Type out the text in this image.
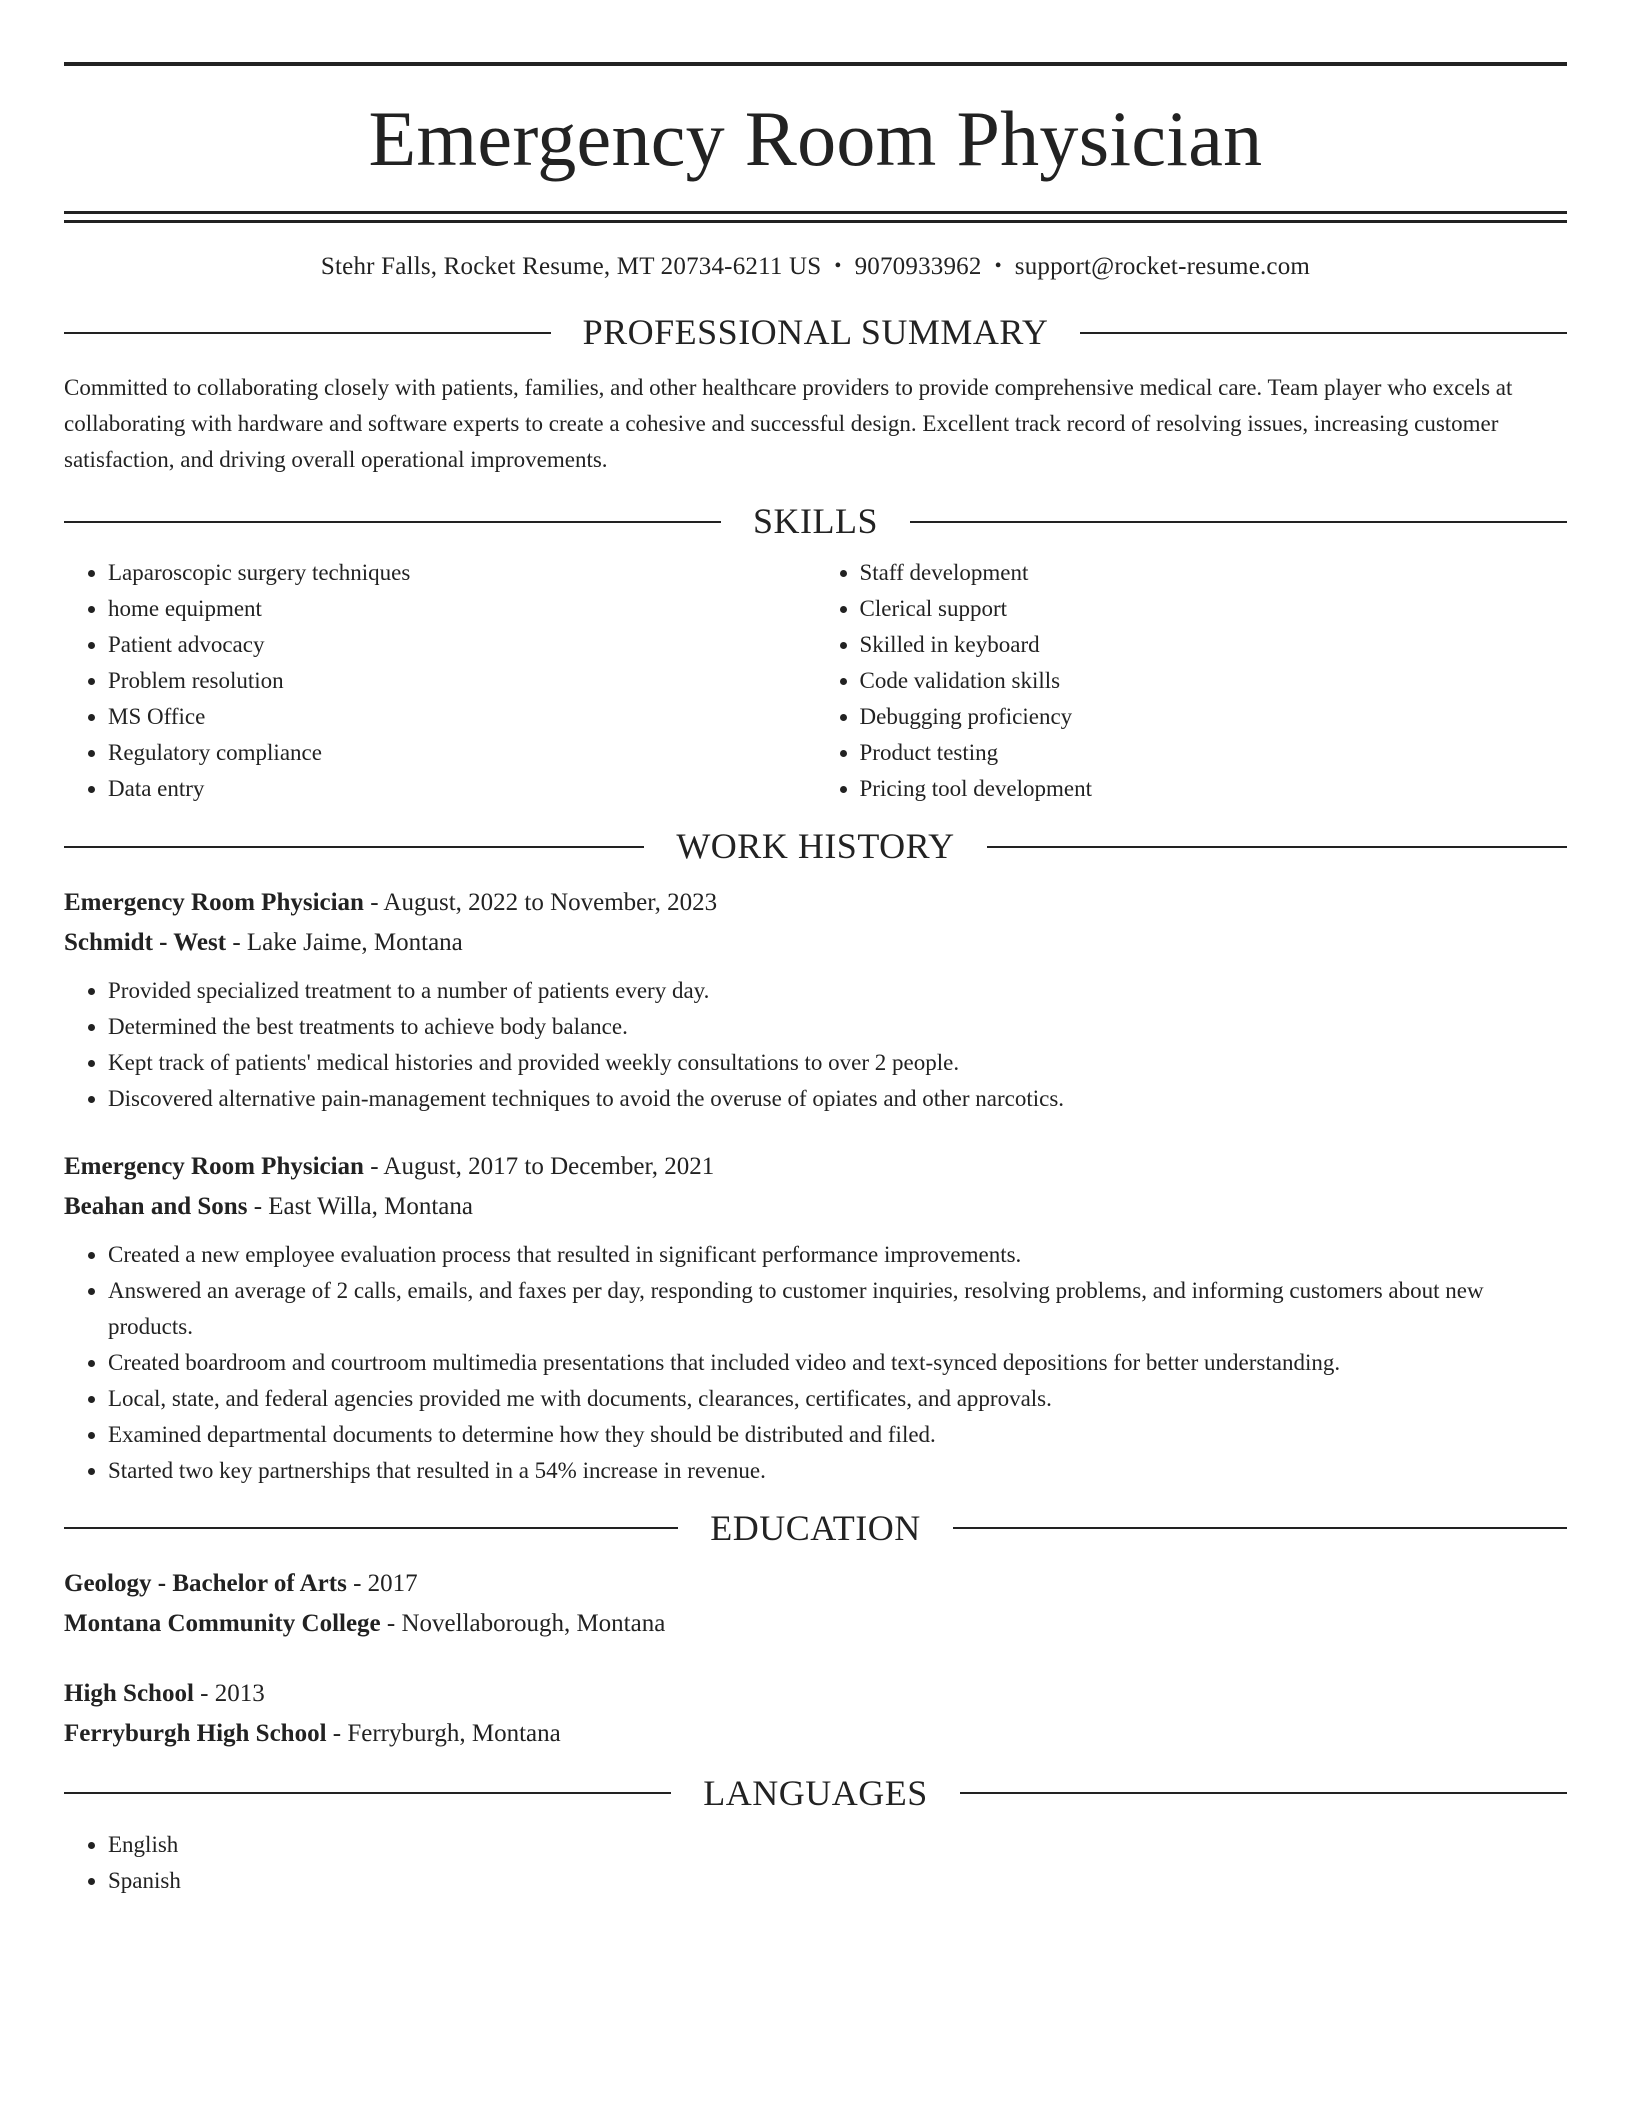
Emergency Room Physician
Stehr Falls, Rocket Resume, MT 20734-6211 US • 9070933962 • support@rocket-resume.com
PROFESSIONAL SUMMARY

Committed to collaborating closely with patients, families, and other healthcare providers to provide comprehensive medical care. Team player who excels at collaborating with hardware and software experts to create a cohesive and successful design. Excellent track record of resolving issues, increasing customer satisfaction, and driving overall operational improvements.

SKILLS
• Laparoscopic surgery techniques
• home equipment
• Patient advocacy
• Problem resolution
• MS Office
• Regulatory compliance
• Data entry
• Staff development
• Clerical support
• Skilled in keyboard
• Code validation skills
• Debugging proficiency
• Product testing
• Pricing tool development
WORK HISTORY
Emergency Room Physician - August, 2022 to November, 2023
Schmidt - West - Lake Jaime, Montana
• Provided specialized treatment to a number of patients every day.
• Determined the best treatments to achieve body balance.
• Kept track of patients' medical histories and provided weekly consultations to over 2 people.
• Discovered alternative pain-management techniques to avoid the overuse of opiates and other narcotics.
Emergency Room Physician - August, 2017 to December, 2021
Beahan and Sons - East Willa, Montana
• Created a new employee evaluation process that resulted in significant performance improvements.
• Answered an average of 2 calls, emails, and faxes per day, responding to customer inquiries, resolving problems, and informing customers about new products.
• Created boardroom and courtroom multimedia presentations that included video and text-synced depositions for better understanding.
• Local, state, and federal agencies provided me with documents, clearances, certificates, and approvals.
• Examined departmental documents to determine how they should be distributed and filed.
• Started two key partnerships that resulted in a 54% increase in revenue.
EDUCATION
Geology - Bachelor of Arts - 2017
Montana Community College - Novellaborough, Montana
High School - 2013
Ferryburgh High School - Ferryburgh, Montana
LANGUAGES
• English
• Spanish
